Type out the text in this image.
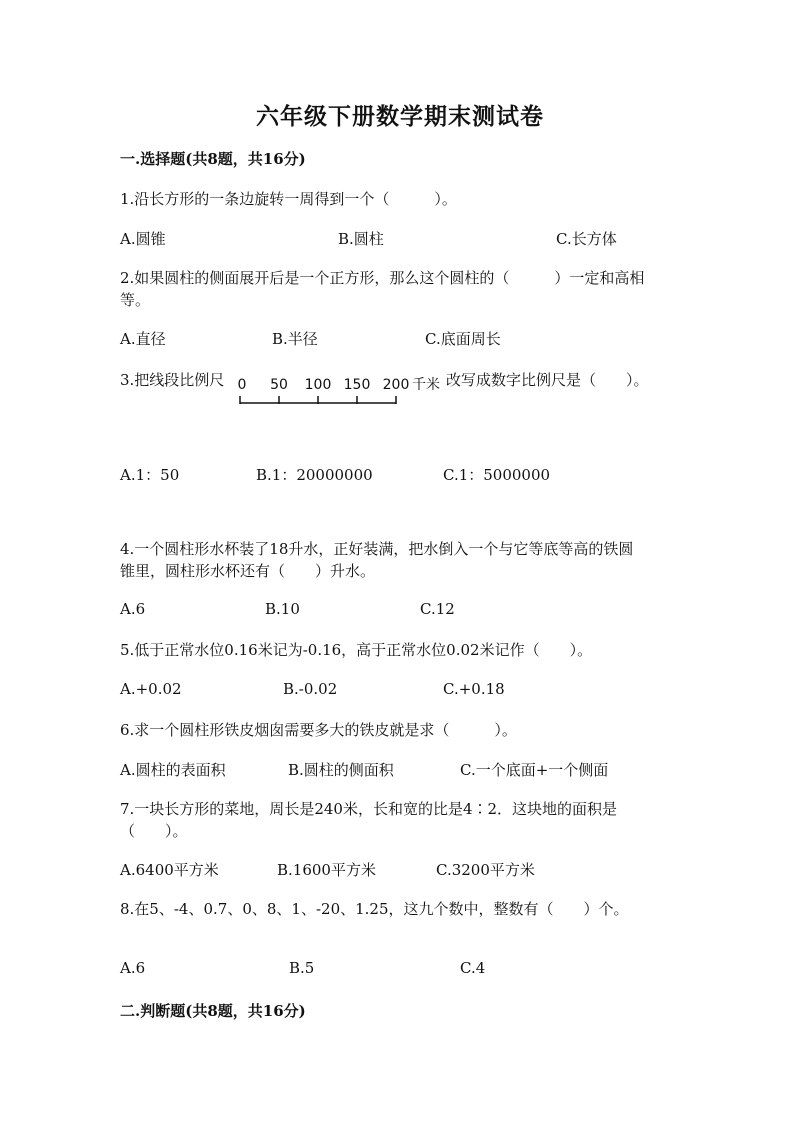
六年级下册数学期末测试卷
一.选择题(共8题，共16分)
1.沿长方形的一条边旋转一周得到一个（　　　）。
A.圆锥	B.圆柱	C.长方体
2.如果圆柱的侧面展开后是一个正方形，那么这个圆柱的（　　　）一定和高相
等。
A.直径	B.半径	C.底面周长
3.把线段比例尺 0 50 100 150 200 千米 改写成数字比例尺是（　　）。
A.1：50	B.1：20000000	C.1：5000000
4.一个圆柱形水杯装了18升水，正好装满，把水倒入一个与它等底等高的铁圆
锥里，圆柱形水杯还有（　　）升水。
A.6	B.10	C.12
5.低于正常水位0.16米记为-0.16，高于正常水位0.02米记作（　　）。
A.+0.02	B.-0.02	C.+0.18
6.求一个圆柱形铁皮烟囱需要多大的铁皮就是求（　　　）。
A.圆柱的表面积	B.圆柱的侧面积	C.一个底面+一个侧面
7.一块长方形的菜地，周长是240米，长和宽的比是4∶2．这块地的面积是
（　　）。
A.6400平方米	B.1600平方米	C.3200平方米
8.在5、-4、0.7、0、8、1、-20、1.25，这九个数中，整数有（　　）个。
A.6	B.5	C.4
二.判断题(共8题，共16分)
